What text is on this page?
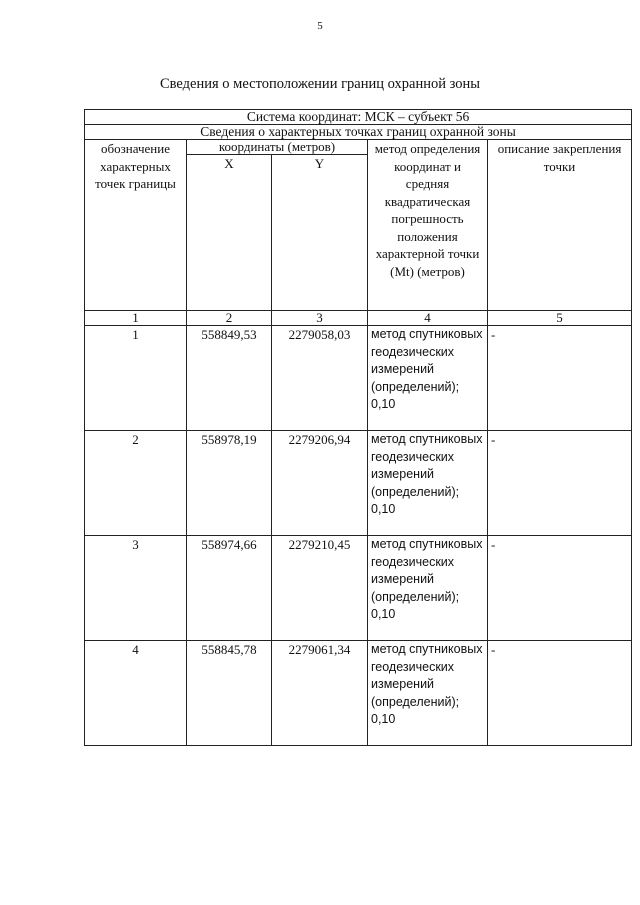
5
Сведения о местоположении границ охранной зоны
Система координат: МСК – субъект 56				
Сведения о характерных точках границ охранной зоны				
обозначение характерных точек границы	координаты (метров)		метод определения координат и средняя квадратическая погрешность положения характерной точки (Mt) (метров)	описание закрепления точки
	X	Y		
1	2	3	4	5
1	558849,53	2279058,03	метод спутниковых геодезических измерений (определений); 0,10	-
2	558978,19	2279206,94	метод спутниковых геодезических измерений (определений); 0,10	-
3	558974,66	2279210,45	метод спутниковых геодезических измерений (определений); 0,10	-
4	558845,78	2279061,34	метод спутниковых геодезических измерений (определений); 0,10	-
